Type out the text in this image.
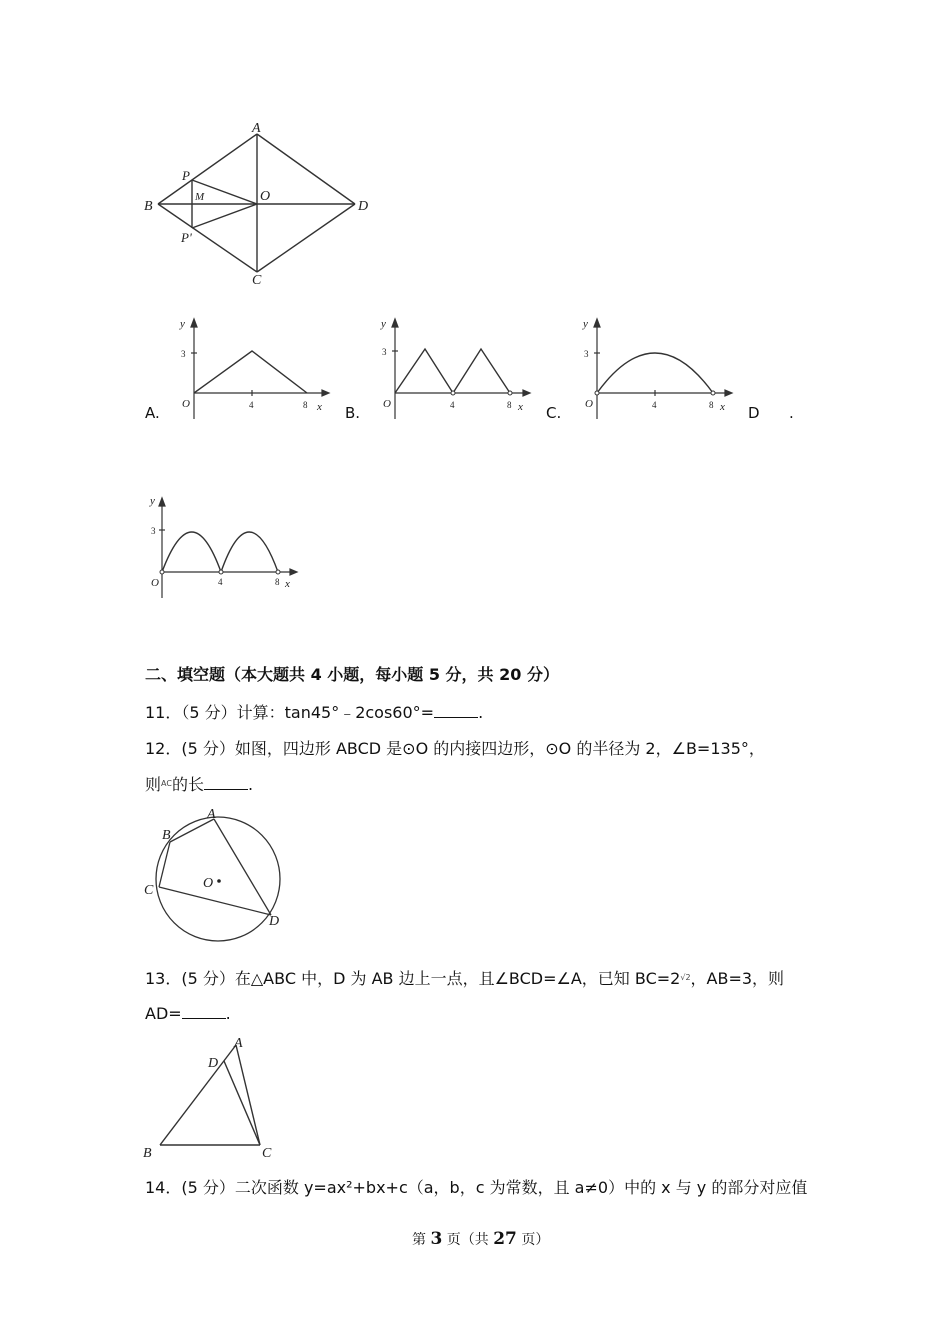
A
B
C
D
O
P
P'
M
A.
y
3
O	4	8 x B.
y
3
O	4	8 x C.
y
3
O	4	8 x D .
y
3
O	4	8 x
二、填空题（本大题共 4 小题，每小题 5 分，共 20 分）
11．（5 分）计算：tan45°﹣2cos60°=	.
12．(5 分）如图，四边形 ABCD 是⊙O 的内接四边形，⊙O 的半径为 2，∠B=135°，
则$^{AC}$的长	.
A
B
C
D
O
13．(5 分）在△ABC 中，D 为 AB 边上一点，且∠BCD=∠A，已知 $BC=2^{√2}$，AB=3，则
AD=	.
A
D
B	C
14．(5 分）二次函数 y=ax²+bx+c（a，b，c 为常数，且 a≠0）中的 x 与 y 的部分对应值
第 3 页（共 27 页）
